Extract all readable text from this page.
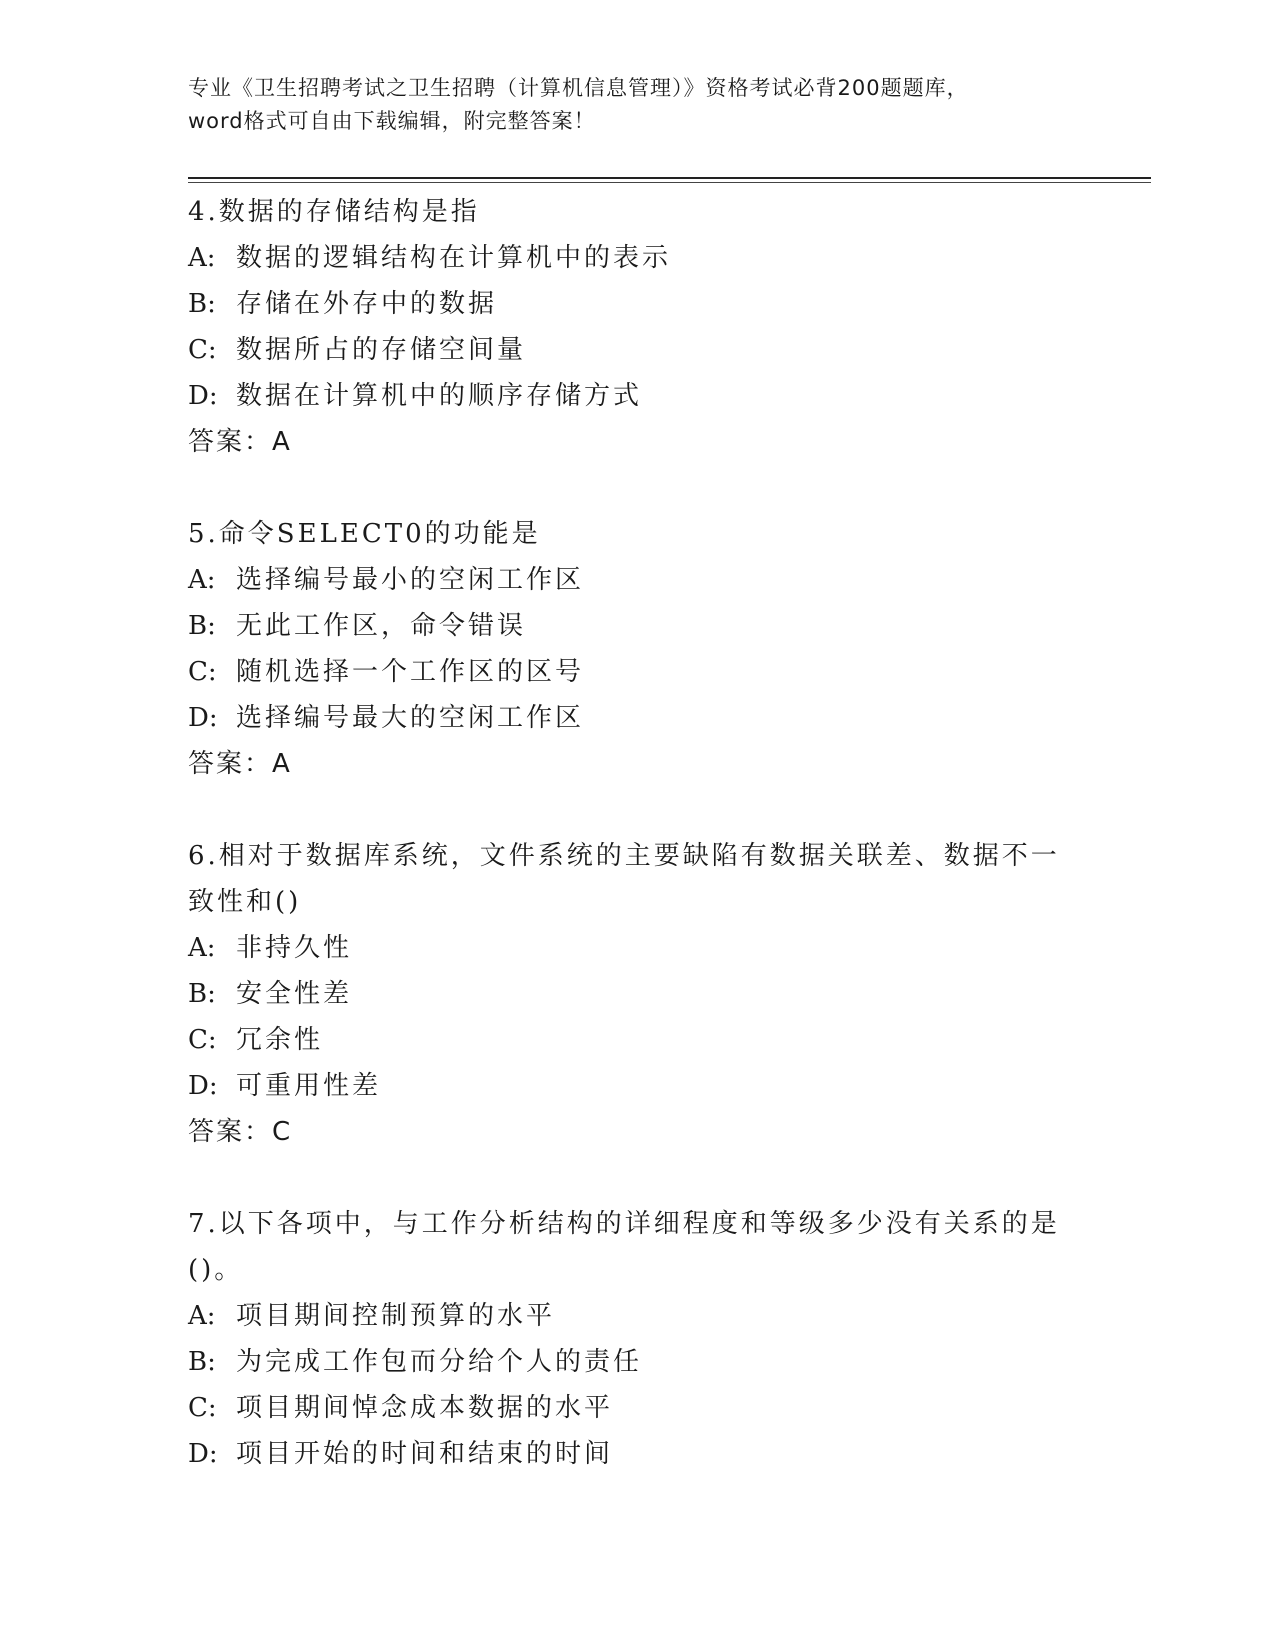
专业《卫生招聘考试之卫生招聘（计算机信息管理）》资格考试必背200题题库，
word格式可自由下载编辑，附完整答案！

4.数据的存储结构是指

A: 数据的逻辑结构在计算机中的表示

B: 存储在外存中的数据

C: 数据所占的存储空间量

D: 数据在计算机中的顺序存储方式

答案：A

5.命令SELECT0的功能是

A: 选择编号最小的空闲工作区

B: 无此工作区，命令错误

C: 随机选择一个工作区的区号

D: 选择编号最大的空闲工作区

答案：A

6.相对于数据库系统，文件系统的主要缺陷有数据关联差、数据不一致性和()

A: 非持久性

B: 安全性差

C: 冗余性

D: 可重用性差

答案：C

7.以下各项中，与工作分析结构的详细程度和等级多少没有关系的是()。

A: 项目期间控制预算的水平

B: 为完成工作包而分给个人的责任

C: 项目期间悼念成本数据的水平

D: 项目开始的时间和结束的时间
